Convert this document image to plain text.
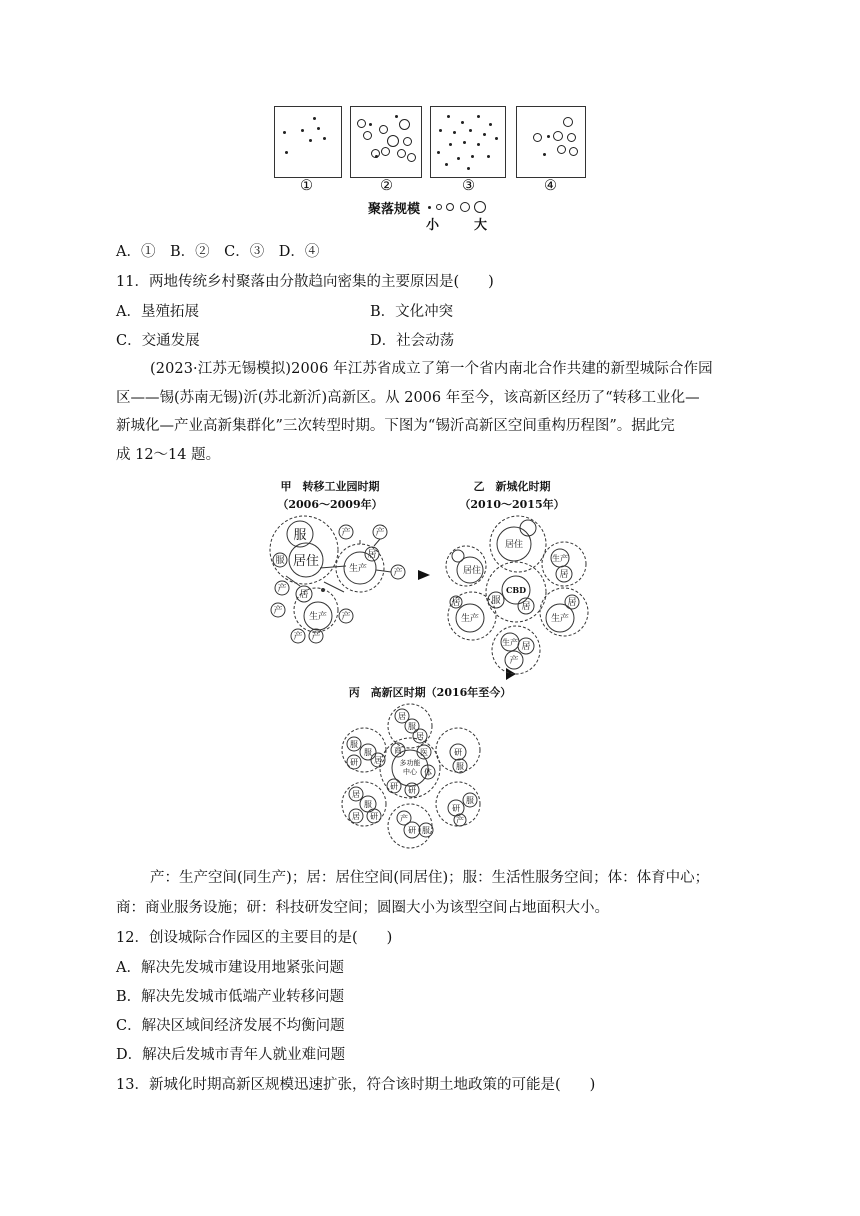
①	②	③	④
聚落规模
小	大
A．①　B．②　C．③　D．④
11．两地传统乡村聚落由分散趋向密集的主要原因是(　　)
A．垦殖拓展	B．文化冲突
C．交通发展	D．社会动荡
(2023·江苏无锡模拟)2006 年江苏省成立了第一个省内南北合作共建的新型城际合作园
区——锡(苏南无锡)沂(苏北新沂)高新区。从 2006 年至今，该高新区经历了“转移工业化—
新城化—产业高新集群化”三次转型时期。下图为“锡沂高新区空间重构历程图”。据此完
成 12～14 题。
甲　转移工业园时期
（2006～2009年）
乙　新城化时期
（2010～2015年）
丙　高新区时期（2016年至今）
服
居住
服
生产
居
产	产
产
生产
居
产
产
产 产
产
居住
居住
生产
居
CBD
服
居
生产
居
生产
居
生产 居
产
多功能
中心
商 医
体
研 研
居
服
居
服
服
研 居
研
服
居
服
居 研
研
服
产
产
研 服
产：生产空间(同生产)；居：居住空间(同居住)；服：生活性服务空间；体：体育中心；
商：商业服务设施；研：科技研发空间；圆圈大小为该型空间占地面积大小。
12．创设城际合作园区的主要目的是(　　)
A．解决先发城市建设用地紧张问题
B．解决先发城市低端产业转移问题
C．解决区域间经济发展不均衡问题
D．解决后发城市青年人就业难问题
13．新城化时期高新区规模迅速扩张，符合该时期土地政策的可能是(　　)
